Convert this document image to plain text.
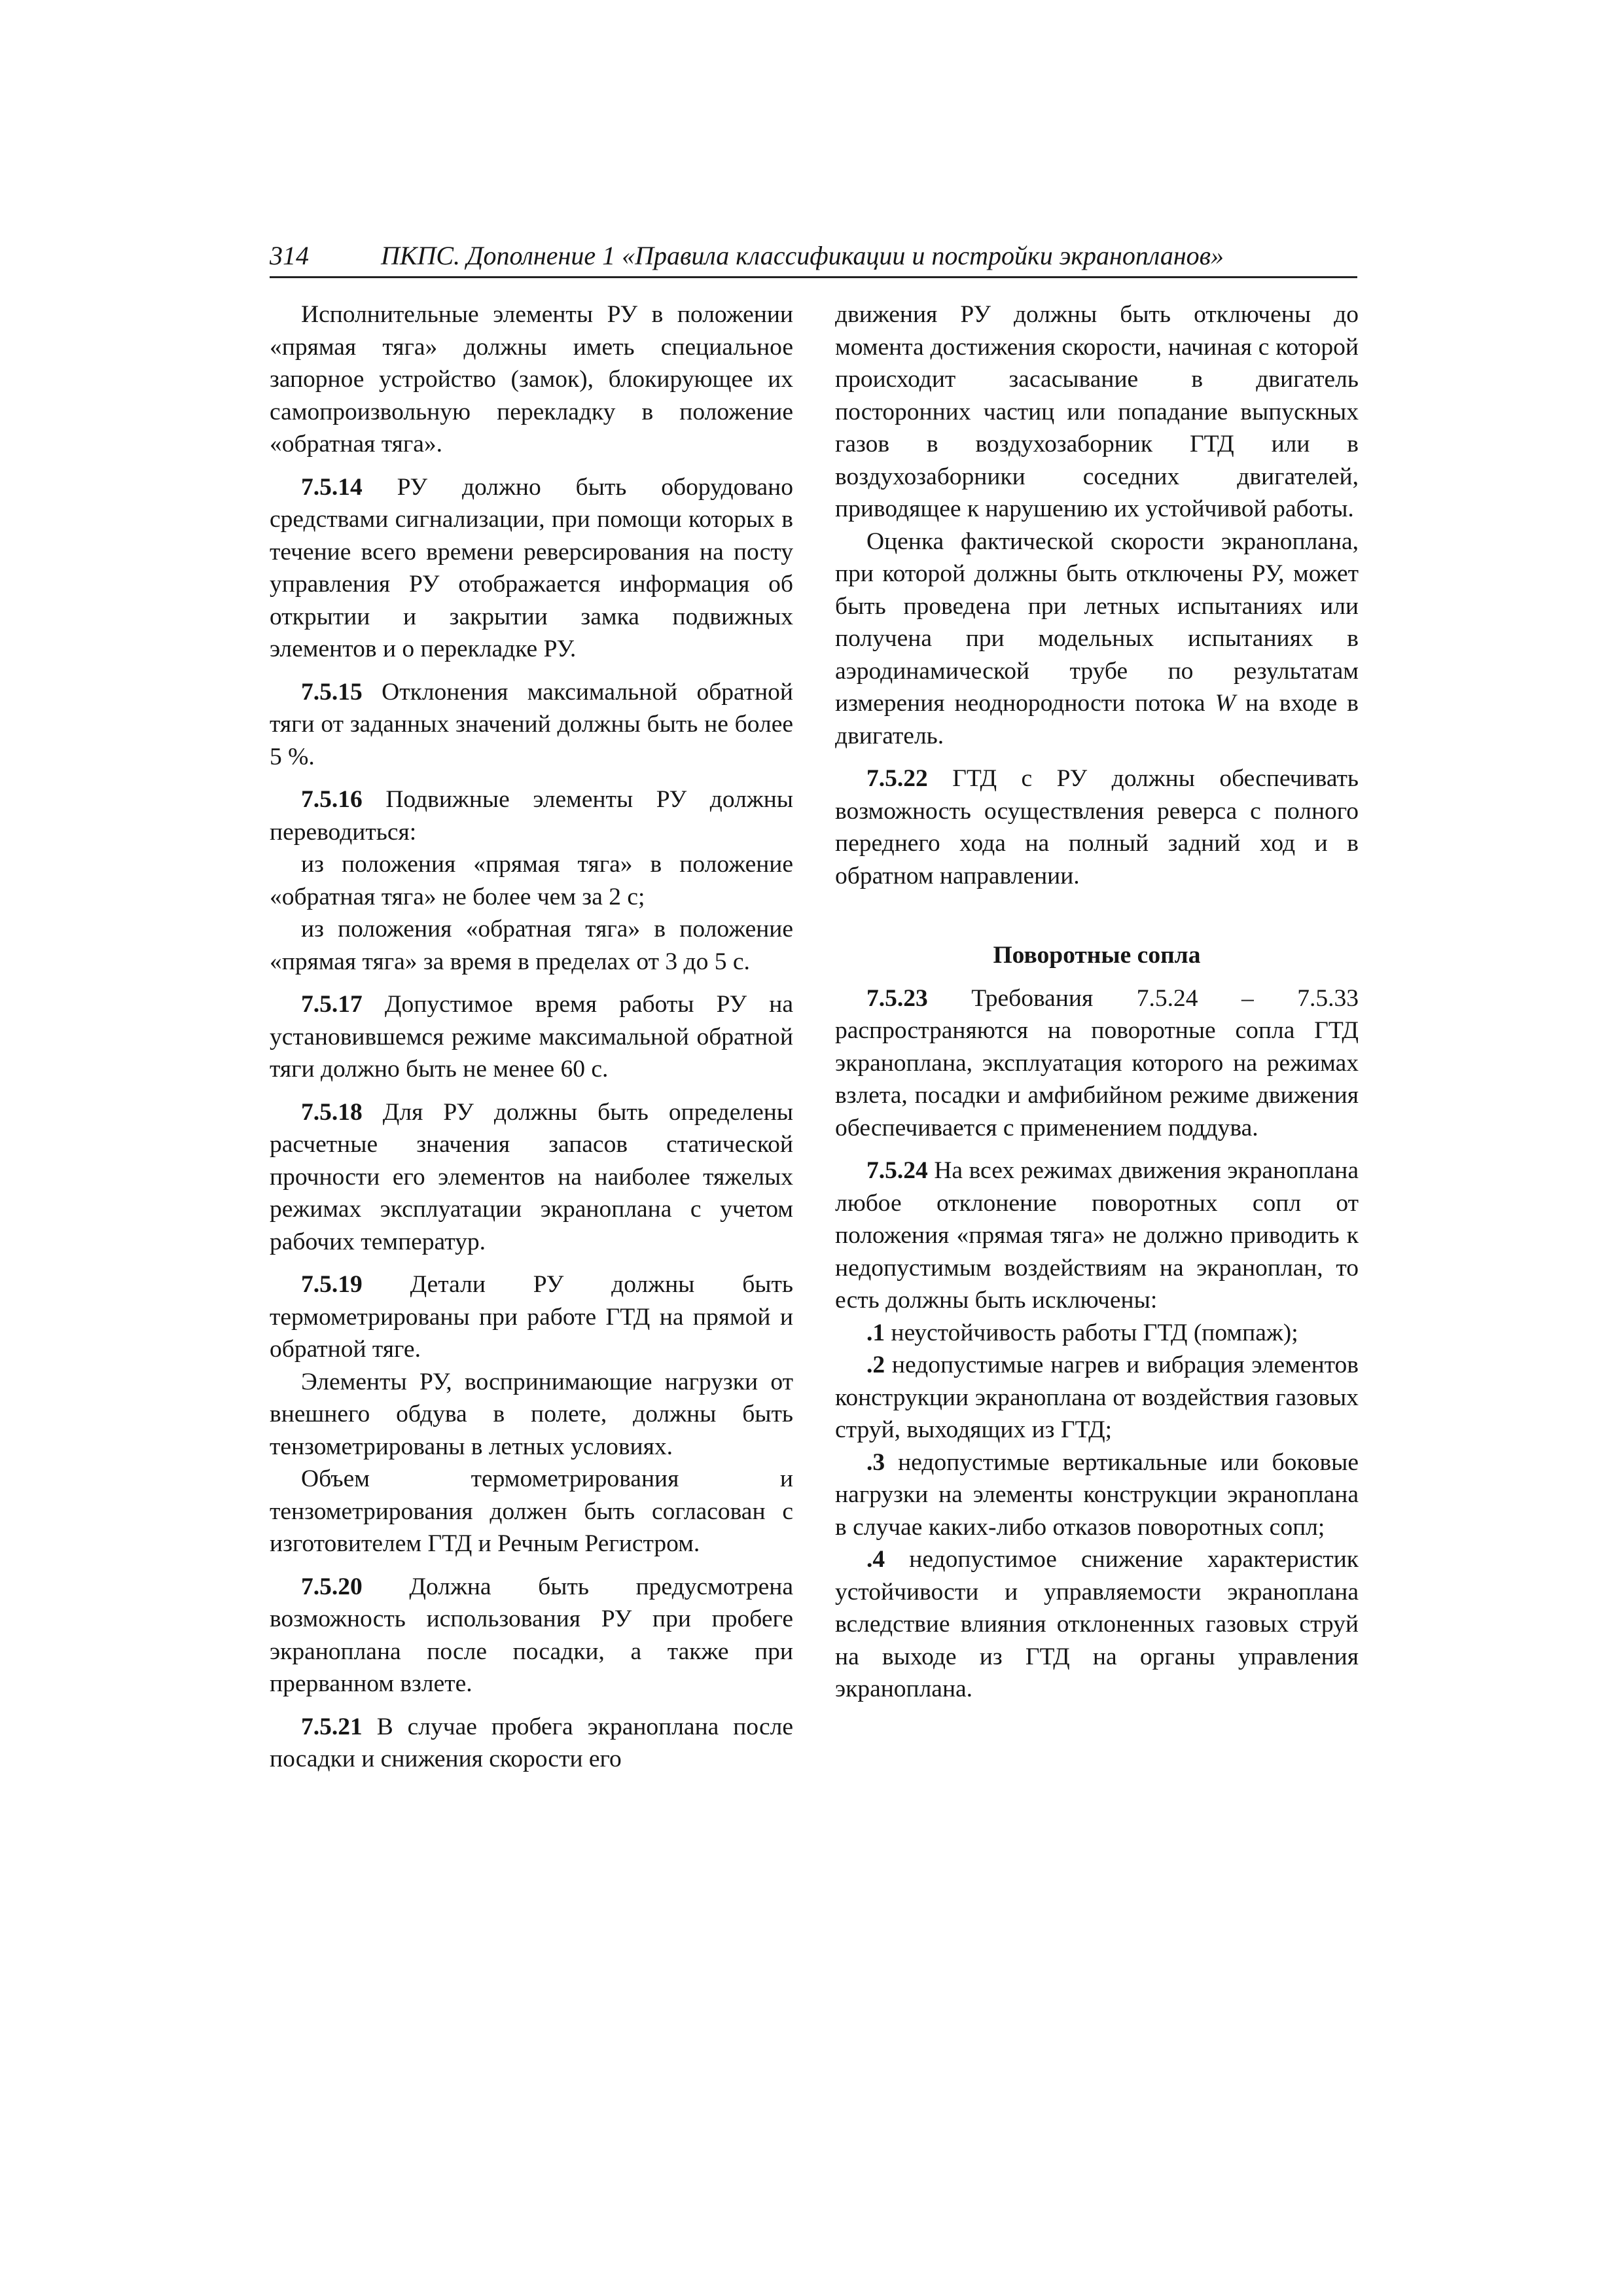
314	ПКПС. Дополнение 1 «Правила классификации и постройки экранопланов»

Исполнительные элементы РУ в положении «прямая тяга» должны иметь специальное запорное устройство (замок), блокирующее их самопроизвольную перекладку в положение «обратная тяга».

7.5.14 РУ должно быть оборудовано средствами сигнализации, при помощи которых в течение всего времени реверсирования на посту управления РУ отображается информация об открытии и закрытии замка подвижных элементов и о перекладке РУ.

7.5.15 Отклонения максимальной обратной тяги от заданных значений должны быть не более 5 %.

7.5.16 Подвижные элементы РУ должны переводиться:

из положения «прямая тяга» в положение «обратная тяга» не более чем за 2 с;

из положения «обратная тяга» в положение «прямая тяга» за время в пределах от 3 до 5 с.

7.5.17 Допустимое время работы РУ на установившемся режиме максимальной обратной тяги должно быть не менее 60 с.

7.5.18 Для РУ должны быть определены расчетные значения запасов статической прочности его элементов на наиболее тяжелых режимах эксплуатации экраноплана с учетом рабочих температур.

7.5.19 Детали РУ должны быть термометрированы при работе ГТД на прямой и обратной тяге.

Элементы РУ, воспринимающие нагрузки от внешнего обдува в полете, должны быть тензометрированы в летных условиях.

Объем термометрирования и тензометрирования должен быть согласован с изготовителем ГТД и Речным Регистром.

7.5.20 Должна быть предусмотрена возможность использования РУ при пробеге экраноплана после посадки, а также при прерванном взлете.

7.5.21 В случае пробега экраноплана после посадки и снижения скорости его

движения РУ должны быть отключены до момента достижения скорости, начиная с которой происходит засасывание в двигатель посторонних частиц или попадание выпускных газов в воздухозаборник ГТД или в воздухозаборники соседних двигателей, приводящее к нарушению их устойчивой работы.

Оценка фактической скорости экраноплана, при которой должны быть отключены РУ, может быть проведена при летных испытаниях или получена при модельных испытаниях в аэродинамической трубе по результатам измерения неоднородности потока W на входе в двигатель.

7.5.22 ГТД с РУ должны обеспечивать возможность осуществления реверса с полного переднего хода на полный задний ход и в обратном направлении.

Поворотные сопла

7.5.23 Требования 7.5.24 – 7.5.33 распространяются на поворотные сопла ГТД экраноплана, эксплуатация которого на режимах взлета, посадки и амфибийном режиме движения обеспечивается с применением поддува.

7.5.24 На всех режимах движения экраноплана любое отклонение поворотных сопл от положения «прямая тяга» не должно приводить к недопустимым воздействиям на экраноплан, то есть должны быть исключены:

.1 неустойчивость работы ГТД (помпаж);

.2 недопустимые нагрев и вибрация элементов конструкции экраноплана от воздействия газовых струй, выходящих из ГТД;

.3 недопустимые вертикальные или боковые нагрузки на элементы конструкции экраноплана в случае каких-либо отказов поворотных сопл;

.4 недопустимое снижение характеристик устойчивости и управляемости экраноплана вследствие влияния отклоненных газовых струй на выходе из ГТД на органы управления экраноплана.
